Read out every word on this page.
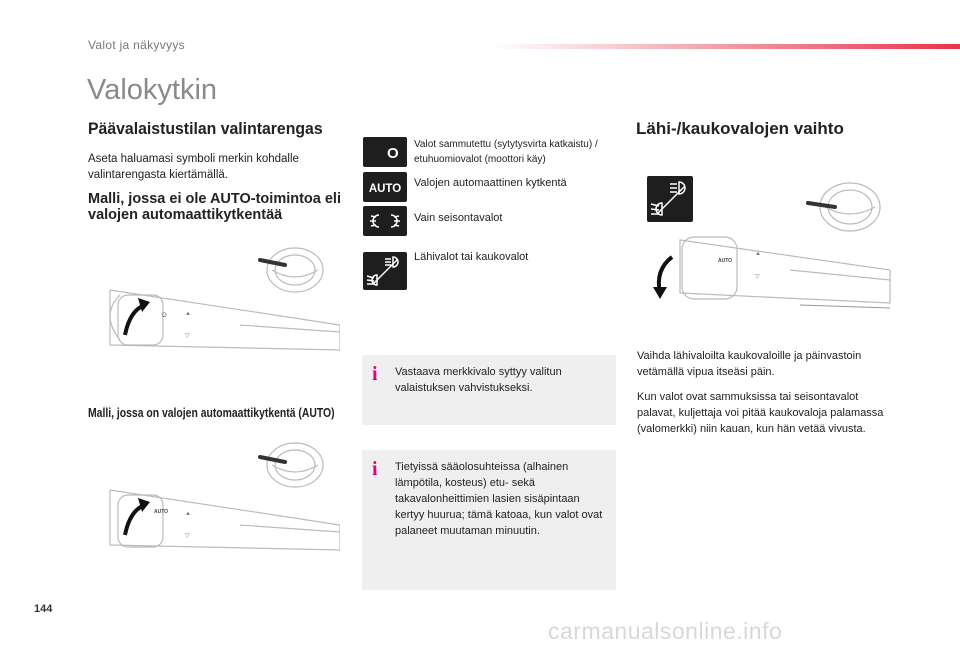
Valot ja näkyvyys
Valokytkin
Päävalaistustilan valintarengas
Aseta haluamasi symboli merkin kohdalle valintarengasta kiertämällä.
Malli, jossa ei ole AUTO-toimintoa eli valojen automaattikytkentää
O	▲
▽
Malli, jossa on valojen automaattikytkentä (AUTO)
AUTO	▲
▽
O
Valot sammutettu (sytytysvirta katkaistu) / etuhuomiovalot (moottori käy)
AUTO Valojen automaattinen kytkentä
Vain seisontavalot
Lähivalot tai kaukovalot
i Vastaava merkkivalo syttyy valitun valaistuksen vahvistukseksi.
i Tietyissä sääolosuhteissa (alhainen lämpötila, kosteus) etu- sekä takavalonheittimien lasien sisäpintaan kertyy huurua; tämä katoaa, kun valot ovat palaneet muutaman minuutin.
Lähi-/kaukovalojen vaihto
AUTO
▲
▽
Vaihda lähivaloilta kaukovaloille ja päinvastoin vetämällä vipua itseäsi päin.
Kun valot ovat sammuksissa tai seisontavalot palavat, kuljettaja voi pitää kaukovaloja palamassa (valomerkki) niin kauan, kun hän vetää vivusta.
144
carmanualsonline.info
